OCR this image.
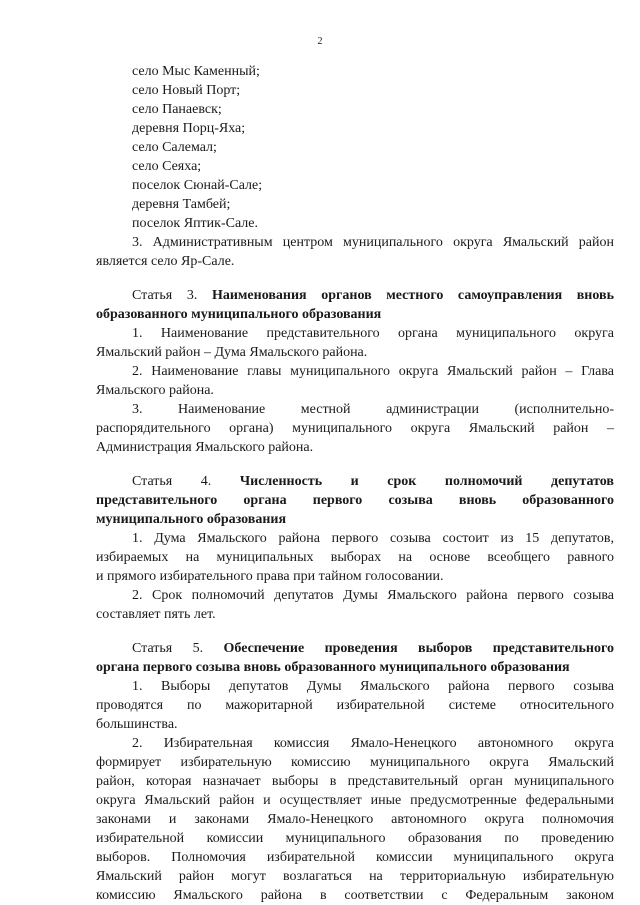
2
село Мыс Каменный;
село Новый Порт;
село Панаевск;
деревня Порц-Яха;
село Салемал;
село Сеяха;
поселок Сюнай-Сале;
деревня Тамбей;
поселок Яптик-Сале.
3. Административным центром муниципального округа Ямальский район
является село Яр-Сале.
Статья 3. Наименования органов местного самоуправления вновь
образованного муниципального образования
1. Наименование представительного органа муниципального округа
Ямальский район – Дума Ямальского района.
2. Наименование главы муниципального округа Ямальский район – Глава
Ямальского района.
3. Наименование местной администрации (исполнительно-
распорядительного органа) муниципального округа Ямальский район –
Администрация Ямальского района.
Статья 4. Численность и срок полномочий депутатов
представительного органа первого созыва вновь образованного
муниципального образования
1. Дума Ямальского района первого созыва состоит из 15 депутатов,
избираемых на муниципальных выборах на основе всеобщего равного
и прямого избирательного права при тайном голосовании.
2. Срок полномочий депутатов Думы Ямальского района первого созыва
составляет пять лет.
Статья 5. Обеспечение проведения выборов представительного
органа первого созыва вновь образованного муниципального образования
1. Выборы депутатов Думы Ямальского района первого созыва
проводятся по мажоритарной избирательной системе относительного
большинства.
2. Избирательная комиссия Ямало-Ненецкого автономного округа
формирует избирательную комиссию муниципального округа Ямальский
район, которая назначает выборы в представительный орган муниципального
округа Ямальский район и осуществляет иные предусмотренные федеральными
законами и законами Ямало-Ненецкого автономного округа полномочия
избирательной комиссии муниципального образования по проведению
выборов. Полномочия избирательной комиссии муниципального округа
Ямальский район могут возлагаться на территориальную избирательную
комиссию Ямальского района в соответствии с Федеральным законом
